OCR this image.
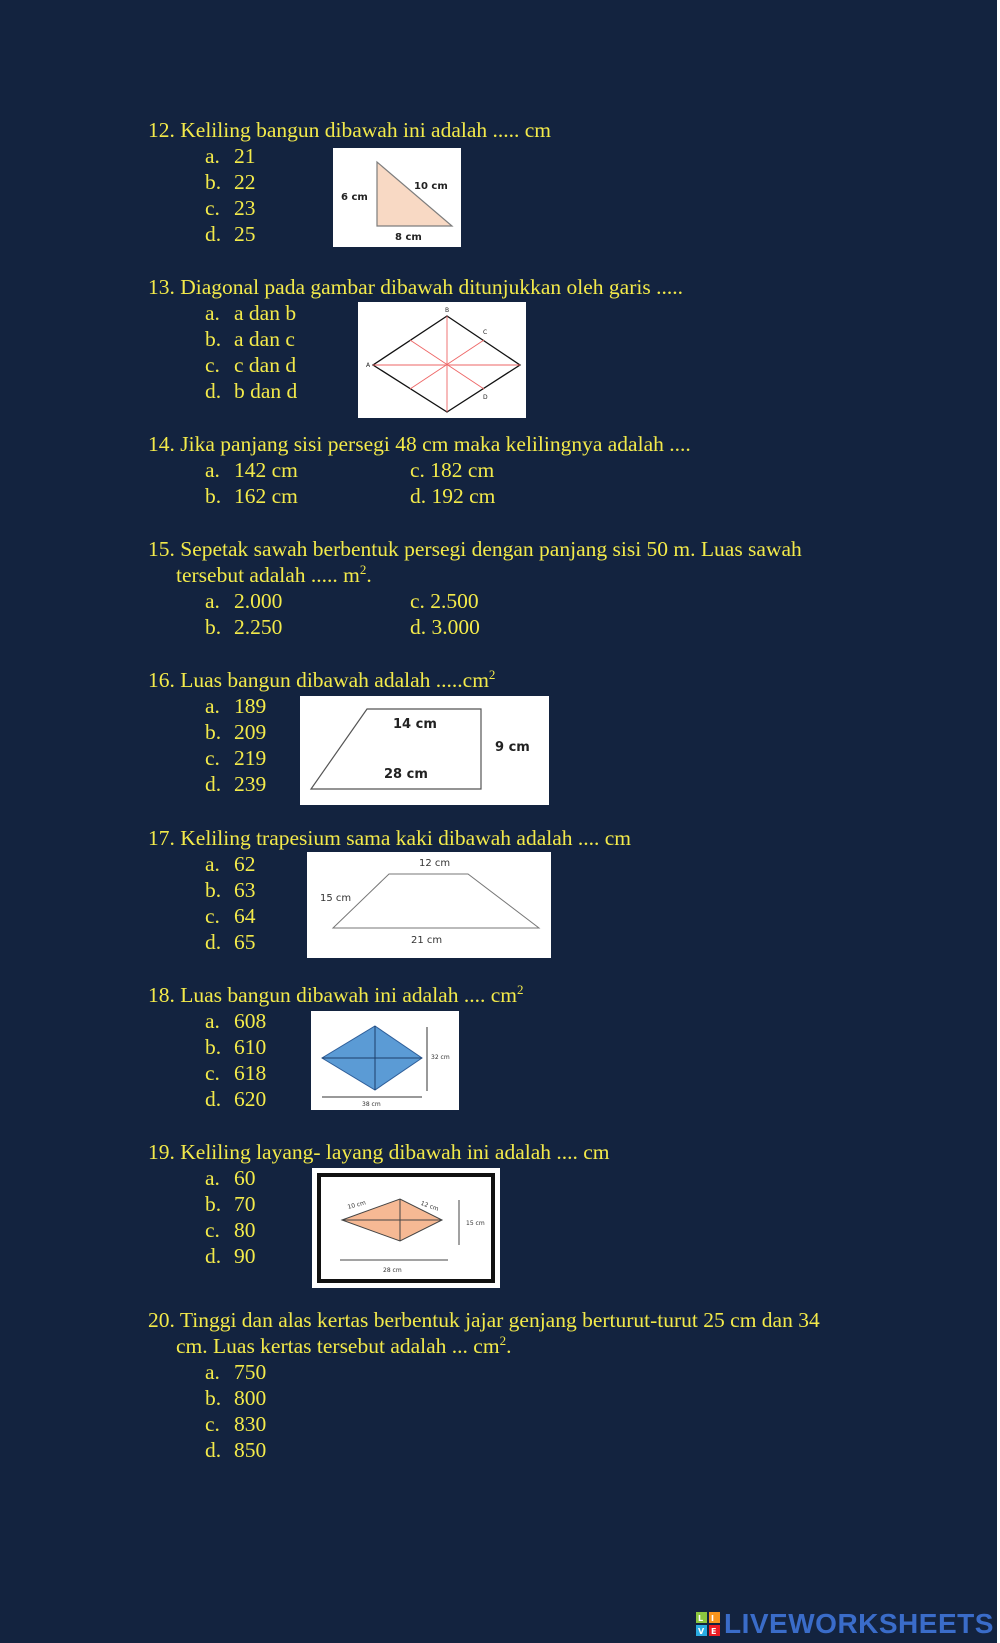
12. Keliling bangun dibawah ini adalah ..... cm
a. 21
b. 22
c. 23
d. 25
6 cm
10 cm
8 cm
13. Diagonal pada gambar dibawah ditunjukkan oleh garis .....
a. a dan b
b. a dan c
c. c dan d
d. b dan d
B
C
A
D
14. Jika panjang sisi persegi 48 cm maka kelilingnya adalah ....
a. 142 cm
b. 162 cm
c. 182 cm
d. 192 cm
15. Sepetak sawah berbentuk persegi dengan panjang sisi 50 m. Luas sawah
tersebut adalah ..... $m^2$.
a. 2.000
b. 2.250
c. 2.500
d. 3.000
16. Luas bangun dibawah adalah $.....cm^2$
a. 189
b. 209
c. 219
d. 239
14 cm
9 cm
28 cm
17. Keliling trapesium sama kaki dibawah adalah .... cm
a. 62
b. 63
c. 64
d. 65
12 cm
15 cm
21 cm
18. Luas bangun dibawah ini adalah .... $cm^2$
a. 608
b. 610
c. 618
d. 620
32 cm
38 cm
19. Keliling layang- layang dibawah ini adalah .... cm
a. 60
b. 70
c. 80
d. 90
10 cm	12 cm
15 cm
28 cm
20. Tinggi dan alas kertas berbentuk jajar genjang berturut-turut 25 cm dan 34
cm. Luas kertas tersebut adalah ... $cm^2$.
a. 750
b. 800
c. 830
d. 850
L I
V E LIVEWORKSHEETS
